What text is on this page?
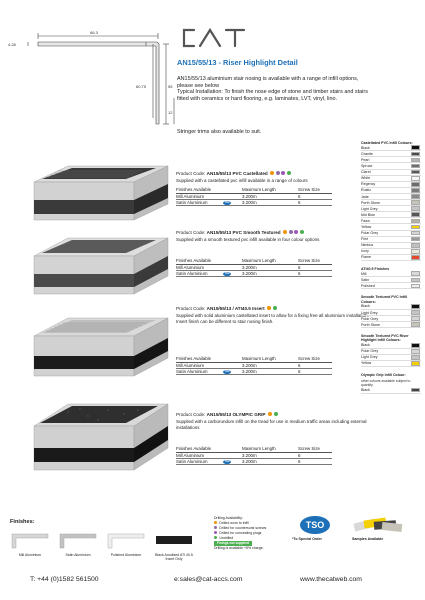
66.3
4.28
60.75	55
12
AN15/55/13 - Riser Highlight Detail
AN15/55/13 aluminium stair nosing is available with a range of infill options, please see below
Typical Installation: To finish the nose edge of stone and timber stairs and stairs fitted with ceramics or hard flooring, e.g. laminates, LVT, vinyl, lino.
Stringer trims also available to suit.
Product Code: AN15/55/13 PVC Castellated
Supplied with a castellated pvc infill available in a range of colours
Finishes Available	Maximum Length	Screw Size
Mill Aluminium	3.200m	6
Satin Aluminium	TSO	3.200m	6
Product Code: AN15/55/13 PVC Smooth Textured
Supplied with a smooth textured pvc infill available in four colour options
Finishes Available	Maximum Length	Screw Size
Mill Aluminium	3.200m	6
Satin Aluminium	TSO	3.200m	6
Product Code: AN15/55/13 / ATI40.5 Insert
Supplied with solid aluminium castellated insert to allow for a fixing free all aluminium installation. Insert finish can be different to stair nosing finish.
Finishes Available	Maximum Length	Screw Size
Mill Aluminium	3.200m	6
Satin Aluminium	TSO	3.200m	6
Product Code: AN15/55/13 OLYMPIC GRIP
Supplied with a carborundum infill on the tread for use in medium traffic areas including external installations
Finishes Available	Maximum Length	Screw Size
Mill Aluminium	3.200m	6
Satin Aluminium	TSO	3.200m	6
Castellated PVC Infill Colours:
Black
Granite
Pearl
Spruce
Claret
White
Regency
Rustic
Jade
Porth Stone
Light Grey
Mid Blue
Fawn
Yellow
Polar Grey
Flint
Nimbus
Ivory
Flame
ATI40.5 Finishes
Mill
Satin
Polished
Smooth Textured PVC Infill Colours:
Black
Light Grey
Polar Grey
Porth Stone
Smooth Textured PVC Riser Highlight Infill Colours:
Black
Polar Grey
Light Grey
Yellow
Olympic Grip Infill Colour:
other colours available subject to quantity
Black
Finishes:
Mill Aluminium	Satin Aluminium	Polished Aluminium	Black Anodised ATI 40.5 Insert Only
Drilling Availability:
Drilled worn to infill
Drilled for countersunk screws
Drilled for concealing plugs
Undrilled
Fixings not supplied
Drilling is available +5% charge.
TSO
*To Special Order	Samples Available
T: +44 (0)1582 561500	e:sales@cat-accs.com	www.thecatweb.com
